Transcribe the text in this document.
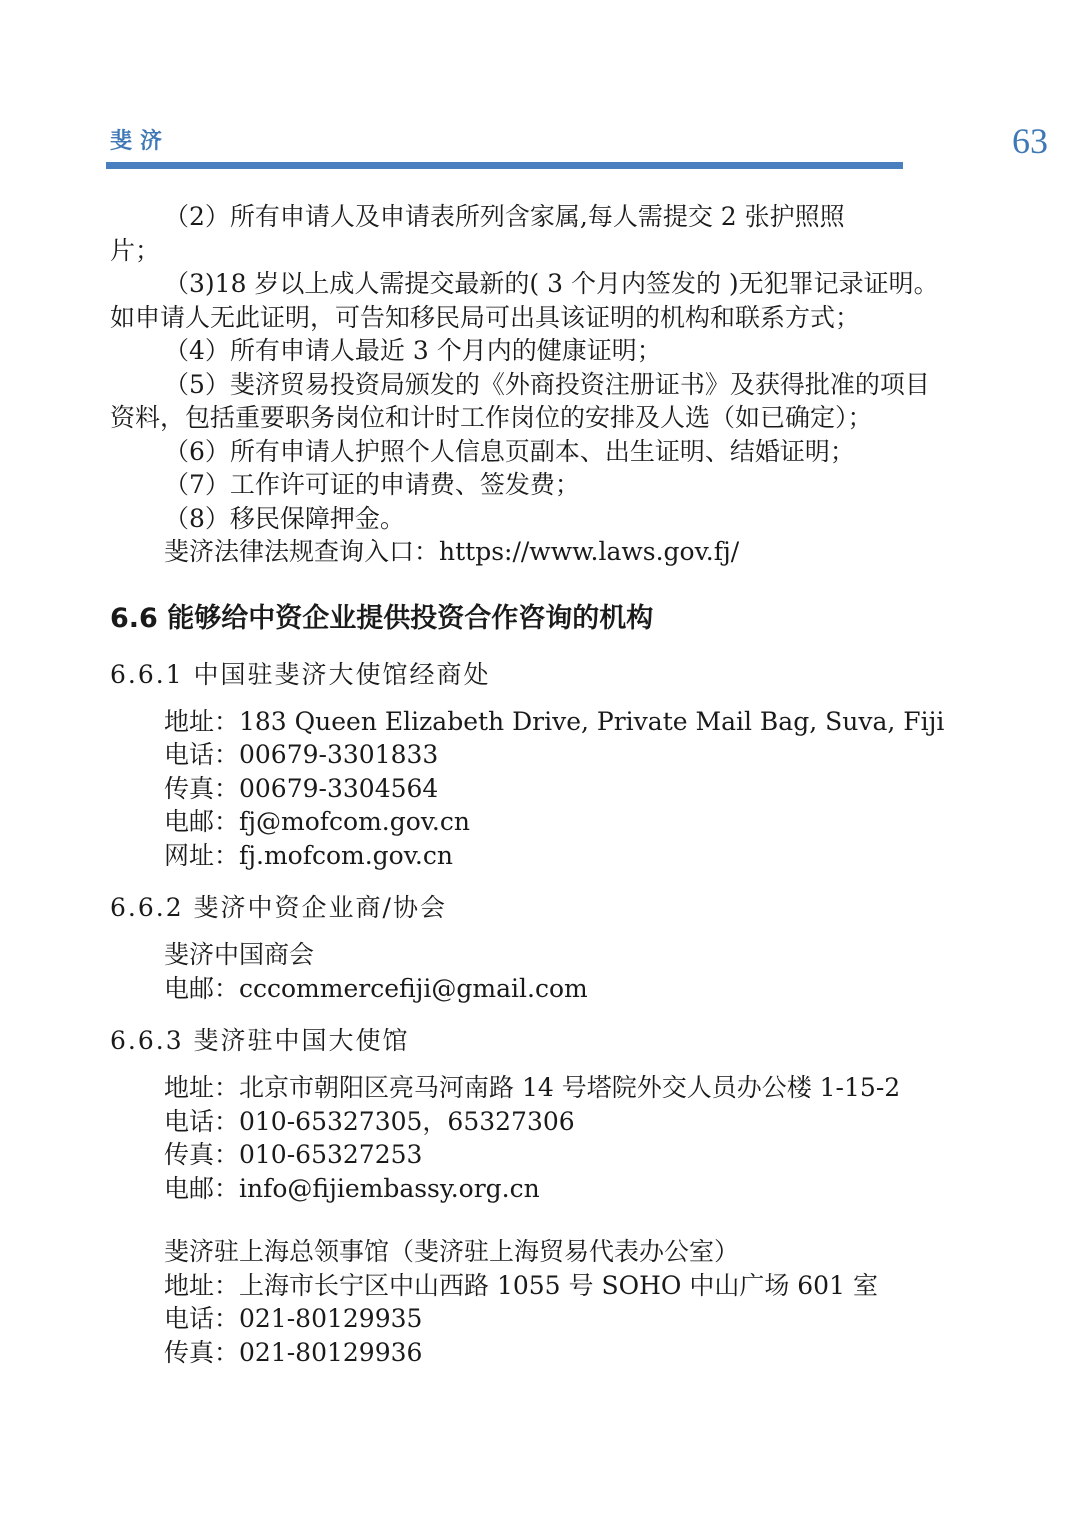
斐济	63

（2）所有申请人及申请表所列含家属,每人需提交 2 张护照照

片；

（3)18 岁以上成人需提交最新的( 3 个月内签发的 )无犯罪记录证明。

如申请人无此证明，可告知移民局可出具该证明的机构和联系方式；

（4）所有申请人最近 3 个月内的健康证明；

（5）斐济贸易投资局颁发的《外商投资注册证书》及获得批准的项目

资料，包括重要职务岗位和计时工作岗位的安排及人选（如已确定）；

（6）所有申请人护照个人信息页副本、出生证明、结婚证明；

（7）工作许可证的申请费、签发费；

（8）移民保障押金。

斐济法律法规查询入口：https://www.laws.gov.fj/

6.6 能够给中资企业提供投资合作咨询的机构
6.6.1 中国驻斐济大使馆经商处

地址：183 Queen Elizabeth Drive, Private Mail Bag, Suva, Fiji

电话：00679-3301833

传真：00679-3304564

电邮：fj@mofcom.gov.cn

网址：fj.mofcom.gov.cn

6.6.2 斐济中资企业商/协会

斐济中国商会

电邮：cccommercefiji@gmail.com

6.6.3 斐济驻中国大使馆

地址：北京市朝阳区亮马河南路 14 号塔院外交人员办公楼 1-15-2

电话：010-65327305，65327306

传真：010-65327253

电邮：info@fijiembassy.org.cn

斐济驻上海总领事馆（斐济驻上海贸易代表办公室）

地址：上海市长宁区中山西路 1055 号 SOHO 中山广场 601 室

电话：021-80129935

传真：021-80129936
